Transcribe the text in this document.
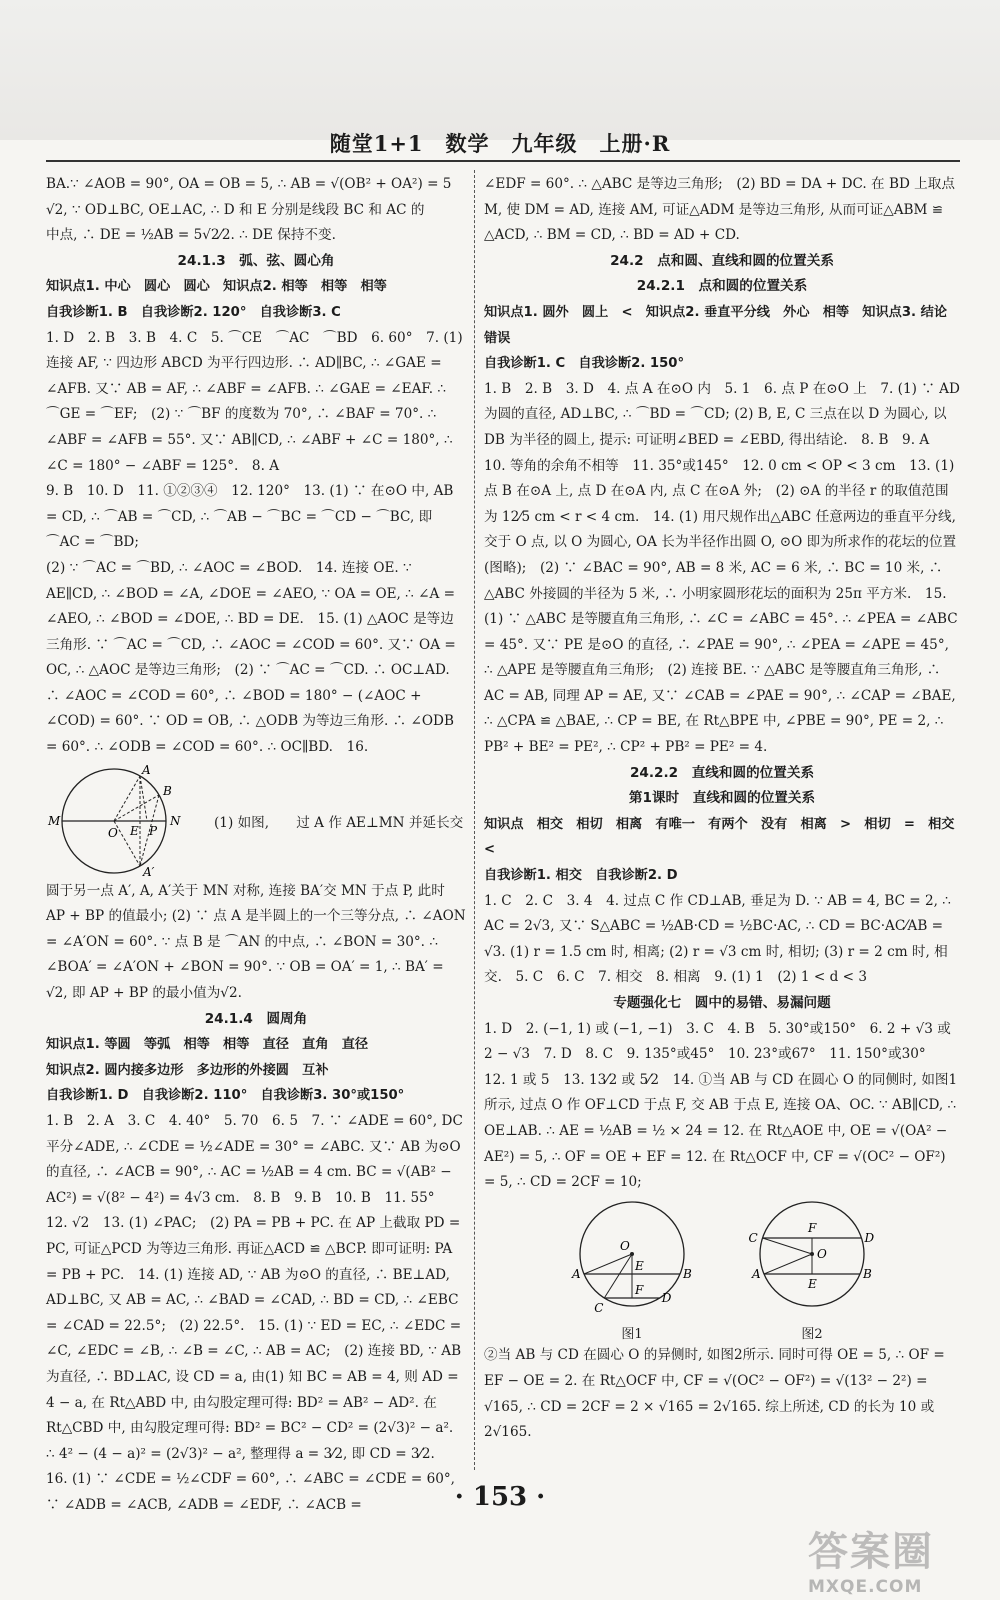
随堂1+1　数学　九年级　上册·R
BA.∵ ∠AOB = 90°, OA = OB = 5, ∴ AB = √(OB² + OA²) = 5
√2, ∵ OD⊥BC, OE⊥AC, ∴ D 和 E 分别是线段 BC 和 AC 的
中点, ∴ DE = ½AB = 5√2⁄2. ∴ DE 保持不变.
24.1.3　弧、弦、圆心角
知识点1. 中心　圆心　圆心　知识点2. 相等　相等　相等
自我诊断1. B　自我诊断2. 120°　自我诊断3. C
1. D　2. B　3. B　4. C　5. ⌒CE　⌒AC　⌒BD　6. 60°　7. (1) 连接 AF, ∵ 四边形 ABCD 为平行四边形. ∴ AD∥BC, ∴ ∠GAE = ∠AFB. 又∵ AB = AF, ∴ ∠ABF = ∠AFB. ∴ ∠GAE = ∠EAF. ∴ ⌒GE = ⌒EF;　(2) ∵ ⌒BF 的度数为 70°, ∴ ∠BAF = 70°. ∴ ∠ABF = ∠AFB = 55°. 又∵ AB∥CD, ∴ ∠ABF + ∠C = 180°, ∴ ∠C = 180° − ∠ABF = 125°.　8. A
9. B　10. D　11. ①②③④　12. 120°　13. (1) ∵ 在⊙O 中, AB = CD, ∴ ⌒AB = ⌒CD, ∴ ⌒AB − ⌒BC = ⌒CD − ⌒BC, 即 ⌒AC = ⌒BD;
(2) ∵ ⌒AC = ⌒BD, ∴ ∠AOC = ∠BOD.　14. 连接 OE. ∵ AE∥CD, ∴ ∠BOD = ∠A, ∠DOE = ∠AEO, ∵ OA = OE, ∴ ∠A = ∠AEO, ∴ ∠BOD = ∠DOE, ∴ BD = DE.　15. (1) △AOC 是等边三角形. ∵ ⌒AC = ⌒CD, ∴ ∠AOC = ∠COD = 60°. 又∵ OA = OC, ∴ △AOC 是等边三角形;　(2) ∵ ⌒AC = ⌒CD. ∴ OC⊥AD. ∴ ∠AOC = ∠COD = 60°, ∴ ∠BOD = 180° − (∠AOC + ∠COD) = 60°. ∵ OD = OB, ∴ △ODB 为等边三角形. ∴ ∠ODB = 60°. ∴ ∠ODB = ∠COD = 60°. ∴ OC∥BD.　16.
A
B
M
O E P
N
A′
(1) 如图,　　过 A 作 AE⊥MN 并延长交
圆于另一点 A′, A, A′关于 MN 对称, 连接 BA′交 MN 于点 P, 此时 AP + BP 的值最小; (2) ∵ 点 A 是半圆上的一个三等分点, ∴ ∠AON = ∠A′ON = 60°. ∵ 点 B 是 ⌒AN 的中点, ∴ ∠BON = 30°. ∴ ∠BOA′ = ∠A′ON + ∠BON = 90°. ∵ OB = OA′ = 1, ∴ BA′ = √2, 即 AP + BP 的最小值为√2.
24.1.4　圆周角
知识点1. 等圆　等弧　相等　相等　直径　直角　直径
知识点2. 圆内接多边形　多边形的外接圆　互补
自我诊断1. D　自我诊断2. 110°　自我诊断3. 30°或150°
1. B　2. A　3. C　4. 40°　5. 70　6. 5　7. ∵ ∠ADE = 60°, DC 平分∠ADE, ∴ ∠CDE = ½∠ADE = 30° = ∠ABC. 又∵ AB 为⊙O 的直径, ∴ ∠ACB = 90°, ∴ AC = ½AB = 4 cm. BC = √(AB² − AC²) = √(8² − 4²) = 4√3 cm.　8. B　9. B　10. B　11. 55°　12. √2　13. (1) ∠PAC;　(2) PA = PB + PC. 在 AP 上截取 PD = PC, 可证△PCD 为等边三角形. 再证△ACD ≌ △BCP. 即可证明: PA = PB + PC.　14. (1) 连接 AD, ∵ AB 为⊙O 的直径, ∴ BE⊥AD, AD⊥BC, 又 AB = AC, ∴ ∠BAD = ∠CAD, ∴ BD = CD, ∴ ∠EBC = ∠CAD = 22.5°;　(2) 22.5°.　15. (1) ∵ ED = EC, ∴ ∠EDC = ∠C, ∠EDC = ∠B, ∴ ∠B = ∠C, ∴ AB = AC;　(2) 连接 BD, ∵ AB 为直径, ∴ BD⊥AC, 设 CD = a, 由(1) 知 BC = AB = 4, 则 AD = 4 − a, 在 Rt△ABD 中, 由勾股定理可得: BD² = AB² − AD². 在 Rt△CBD 中, 由勾股定理可得: BD² = BC² − CD² = (2√3)² − a². ∴ 4² − (4 − a)² = (2√3)² − a², 整理得 a = 3⁄2, 即 CD = 3⁄2.　16. (1) ∵ ∠CDE = ½∠CDF = 60°, ∴ ∠ABC = ∠CDE = 60°, ∵ ∠ADB = ∠ACB, ∠ADB = ∠EDF, ∴ ∠ACB =
∠EDF = 60°. ∴ △ABC 是等边三角形;　(2) BD = DA + DC. 在 BD 上取点 M, 使 DM = AD, 连接 AM, 可证△ADM 是等边三角形, 从而可证△ABM ≌ △ACD, ∴ BM = CD, ∴ BD = AD + CD.
24.2　点和圆、直线和圆的位置关系
24.2.1　点和圆的位置关系
知识点1. 圆外　圆上　<　知识点2. 垂直平分线　外心　相等　知识点3. 结论　错误
自我诊断1. C　自我诊断2. 150°
1. B　2. B　3. D　4. 点 A 在⊙O 内　5. 1　6. 点 P 在⊙O 上　7. (1) ∵ AD 为圆的直径, AD⊥BC, ∴ ⌒BD = ⌒CD; (2) B, E, C 三点在以 D 为圆心, 以 DB 为半径的圆上, 提示: 可证明∠BED = ∠EBD, 得出结论.　8. B　9. A　10. 等角的余角不相等　11. 35°或145°　12. 0 cm < OP < 3 cm　13. (1) 点 B 在⊙A 上, 点 D 在⊙A 内, 点 C 在⊙A 外;　(2) ⊙A 的半径 r 的取值范围为 12⁄5 cm < r < 4 cm.　14. (1) 用尺规作出△ABC 任意两边的垂直平分线, 交于 O 点, 以 O 为圆心, OA 长为半径作出圆 O, ⊙O 即为所求作的花坛的位置(图略);　(2) ∵ ∠BAC = 90°, AB = 8 米, AC = 6 米, ∴ BC = 10 米, ∴ △ABC 外接圆的半径为 5 米, ∴ 小明家圆形花坛的面积为 25π 平方米.　15. (1) ∵ △ABC 是等腰直角三角形, ∴ ∠C = ∠ABC = 45°. ∴ ∠PEA = ∠ABC = 45°. 又∵ PE 是⊙O 的直径, ∴ ∠PAE = 90°, ∴ ∠PEA = ∠APE = 45°, ∴ △APE 是等腰直角三角形;　(2) 连接 BE. ∵ △ABC 是等腰直角三角形, ∴ AC = AB, 同理 AP = AE, 又∵ ∠CAB = ∠PAE = 90°, ∴ ∠CAP = ∠BAE, ∴ △CPA ≌ △BAE, ∴ CP = BE, 在 Rt△BPE 中, ∠PBE = 90°, PE = 2, ∴ PB² + BE² = PE², ∴ CP² + PB² = PE² = 4.
24.2.2　直线和圆的位置关系
第1课时　直线和圆的位置关系
知识点　相交　相切　相离　有唯一　有两个　没有　相离　>　相切　=　相交　<
自我诊断1. 相交　自我诊断2. D
1. C　2. C　3. 4　4. 过点 C 作 CD⊥AB, 垂足为 D. ∵ AB = 4, BC = 2, ∴ AC = 2√3, 又∵ S△ABC = ½AB·CD = ½BC·AC, ∴ CD = BC·AC⁄AB = √3. (1) r = 1.5 cm 时, 相离; (2) r = √3 cm 时, 相切; (3) r = 2 cm 时, 相交.　5. C　6. C　7. 相交　8. 相离　9. (1) 1　(2) 1 < d < 3
专题强化七　圆中的易错、易漏问题
1. D　2. (−1, 1) 或 (−1, −1)　3. C　4. B　5. 30°或150°　6. 2 + √3 或 2 − √3　7. D　8. C　9. 135°或45°　10. 23°或67°　11. 150°或30°　12. 1 或 5　13. 13⁄2 或 5⁄2　14. ①当 AB 与 CD 在圆心 O 的同侧时, 如图1所示, 过点 O 作 OF⊥CD 于点 F, 交 AB 于点 E, 连接 OA、OC. ∵ AB∥CD, ∴ OE⊥AB. ∴ AE = ½AB = ½ × 24 = 12. 在 Rt△AOE 中, OE = √(OA² − AE²) = 5, ∴ OF = OE + EF = 12. 在 Rt△OCF 中, CF = √(OC² − OF²) = 5, ∴ CD = 2CF = 10;
O
E
A	B
F
C
D
图1
F
C	D
O
A
E
B
图2
②当 AB 与 CD 在圆心 O 的异侧时, 如图2所示. 同时可得 OE = 5, ∴ OF = EF − OE = 2. 在 Rt△OCF 中, CF = √(OC² − OF²) = √(13² − 2²) = √165, ∴ CD = 2CF = 2 × √165 = 2√165. 综上所述, CD 的长为 10 或 2√165.
· 153 ·
答案圈
MXQE.COM
